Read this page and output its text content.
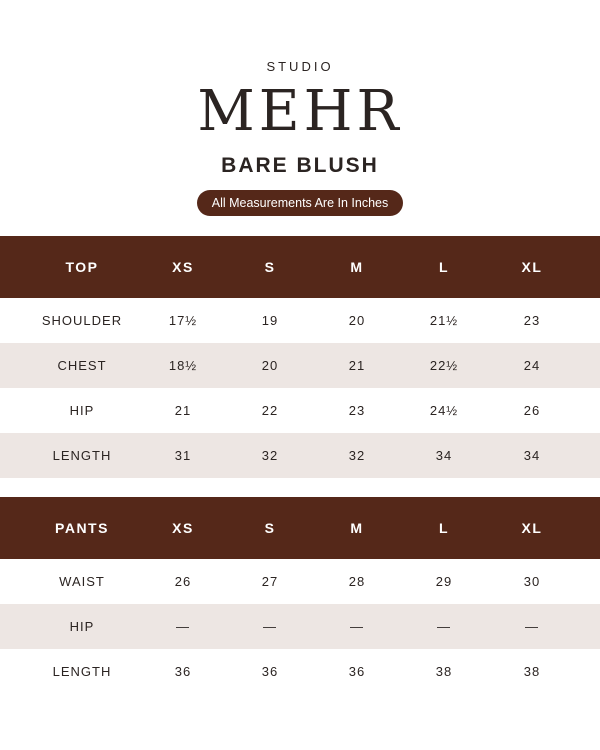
STUDIO
MEHR
BARE BLUSH
All Measurements Are In Inches
TOP	XS	S	M	L	XL
SHOULDER	17½	19	20	21½	23
CHEST	18½	20	21	22½	24
HIP	21	22	23	24½	26
LENGTH	31	32	32	34	34
PANTS	XS	S	M	L	XL
WAIST	26	27	28	29	30
HIP	—	—	—	—	—
LENGTH	36	36	36	38	38
